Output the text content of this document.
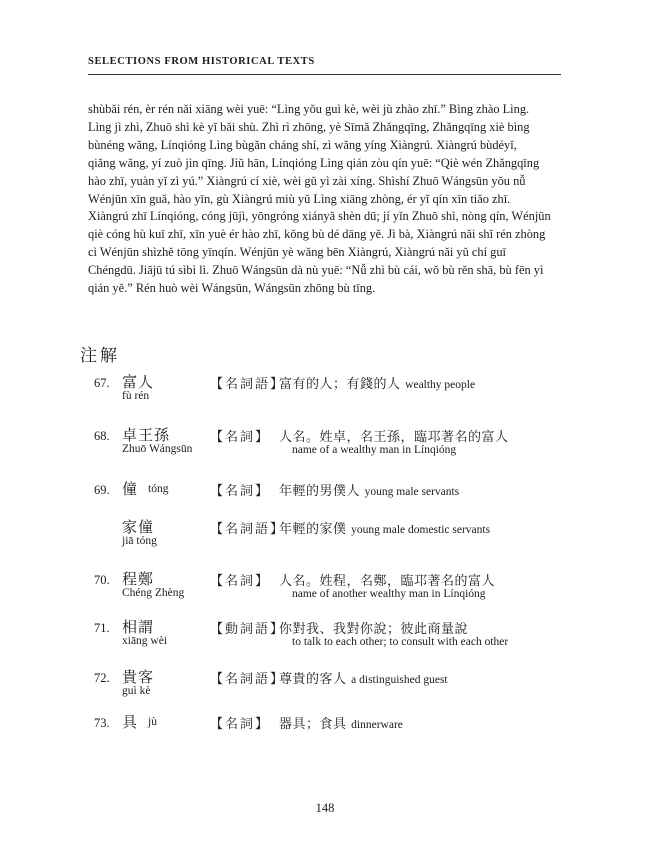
SELECTIONS FROM HISTORICAL TEXTS
shùbǎi rén, èr rén nǎi xiāng wèi yuē: “Lìng yǒu guì kè, wèi jù zhào zhī.” Bìng zhào Lìng.
Lìng jì zhì, Zhuō shì kè yǐ bǎi shù. Zhì rì zhōng, yè Sīmǎ Zhǎngqīng, Zhǎngqīng xiè bìng
bùnéng wǎng, Línqióng Lìng bùgǎn cháng shí, zì wǎng yíng Xiàngrú. Xiàngrú bùdéyǐ,
qiǎng wǎng, yí zuò jìn qīng. Jiǔ hān, Línqióng Lìng qián zòu qín yuē: “Qiè wén Zhǎngqīng
hào zhī, yuàn yǐ zì yú.” Xiàngrú cí xiè, wèi gǔ yì zài xíng. Shìshí Zhuō Wángsūn yǒu nǚ
Wénjūn xīn guǎ, hào yīn, gù Xiàngrú miù yǔ Lìng xiāng zhòng, ér yǐ qín xīn tiǎo zhī.
Xiàngrú zhī Línqióng, cóng jūjì, yōngróng xiányǎ shèn dū; jí yǐn Zhuō shì, nòng qín, Wénjūn
qiè cóng hù kuī zhī, xīn yuè ér hào zhī, kǒng bù dé dāng yě. Jì bà, Xiàngrú nǎi shǐ rén zhòng
cì Wénjūn shìzhě tōng yīnqín. Wénjūn yè wǎng bēn Xiàngrú, Xiàngrú nǎi yǔ chí guī
Chéngdū. Jiājū tú sìbì lì. Zhuō Wángsūn dà nù yuē: “Nǚ zhì bù cái, wǒ bù rěn shā, bù fēn yì
qián yě.” Rén huò wèi Wángsūn, Wángsūn zhōng bù tīng.
注解
67. 富人
fù rén
【名詞語】
富有的人；有錢的人 wealthy people
68. 卓王孫
Zhuō Wángsūn
【名詞】 人名。姓卓，名王孫，臨邛著名的富人
name of a wealthy man in Línqióng
69. 僮 tóng	【名詞】 年輕的男僕人 young male servants
家僮
jiā tóng
【名詞語】
年輕的家僕 young male domestic servants
70. 程鄭
Chéng Zhèng
【名詞】 人名。姓程，名鄭，臨邛著名的富人
name of another wealthy man in Línqióng
71. 相謂
xiāng wèi
【動詞語】
你對我、我對你說；彼此商量說
to talk to each other; to consult with each other
72. 貴客
guì kè
【名詞語】
尊貴的客人 a distinguished guest
73. 具 jù	【名詞】 器具；食具 dinnerware
148
